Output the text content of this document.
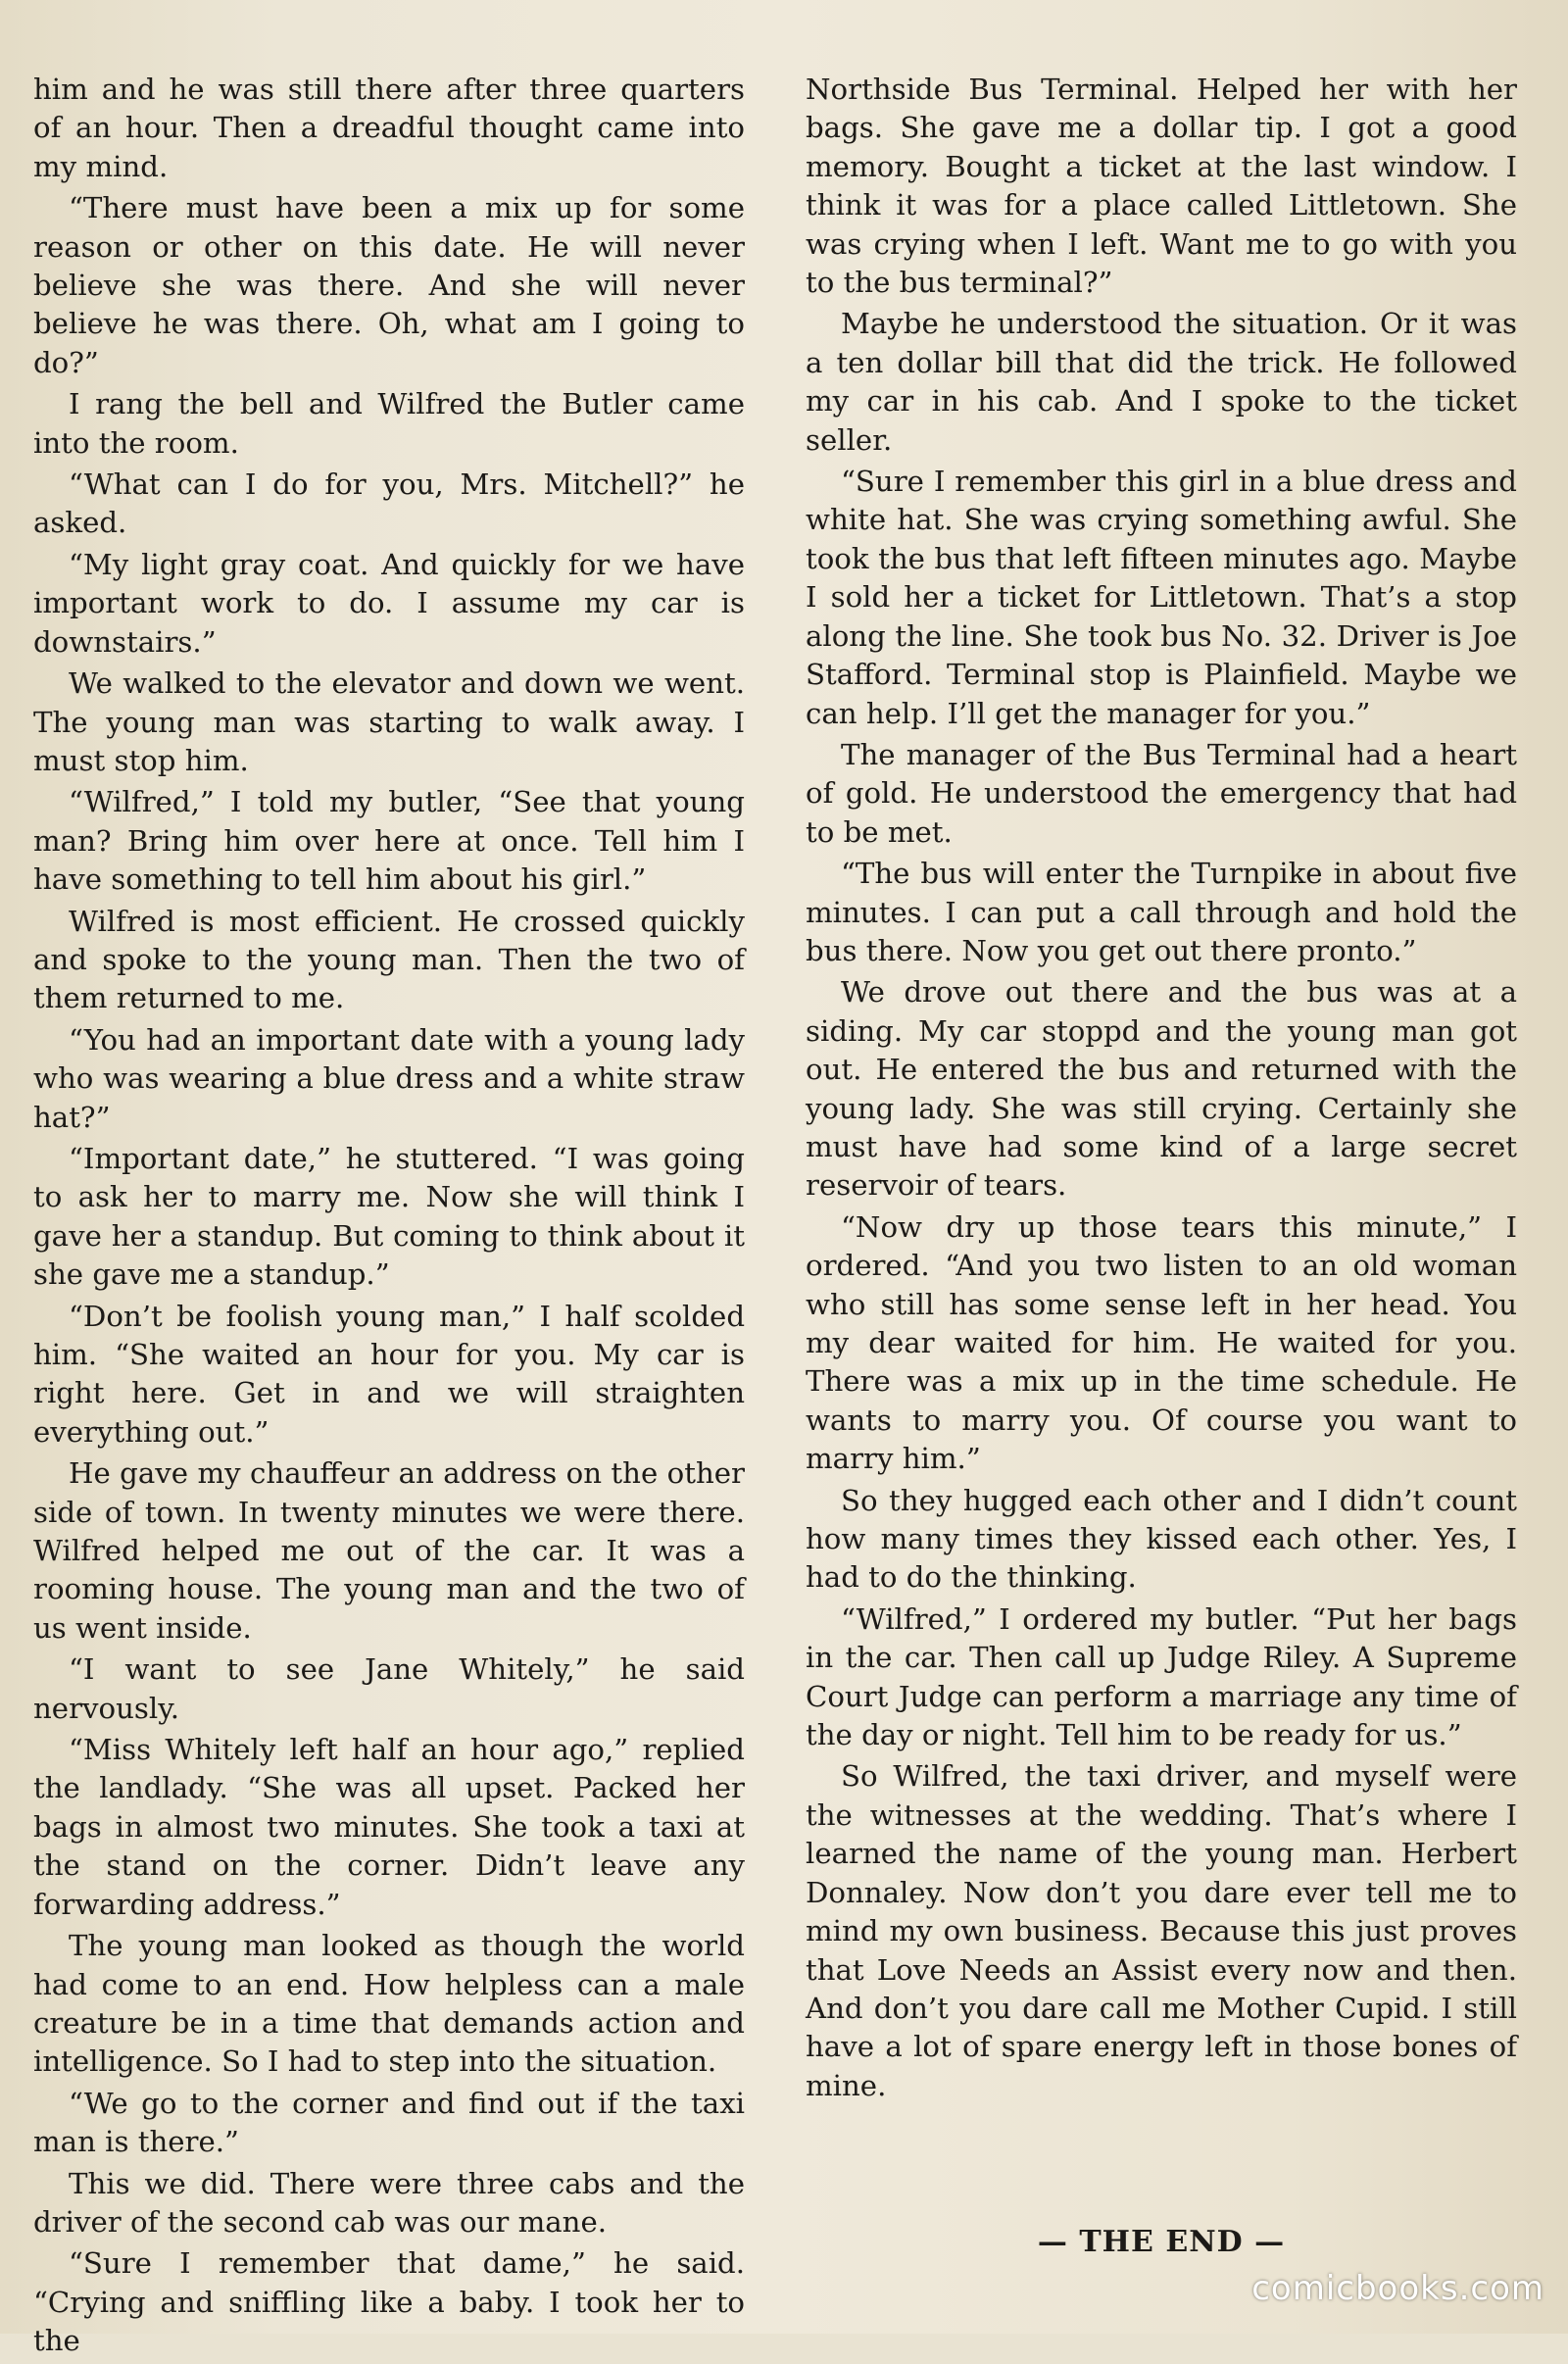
him and he was still there after three quarters of an hour. Then a dreadful thought came into my mind.

“There must have been a mix up for some reason or other on this date. He will never believe she was there. And she will never believe he was there. Oh, what am I going to do?”

I rang the bell and Wilfred the Butler came into the room.

“What can I do for you, Mrs. Mitchell?” he asked.

“My light gray coat. And quickly for we have important work to do. I assume my car is downstairs.”

We walked to the elevator and down we went. The young man was starting to walk away. I must stop him.

“Wilfred,” I told my butler, “See that young man? Bring him over here at once. Tell him I have something to tell him about his girl.”

Wilfred is most efficient. He crossed quickly and spoke to the young man. Then the two of them returned to me.

“You had an important date with a young lady who was wearing a blue dress and a white straw hat?”

“Important date,” he stuttered. “I was going to ask her to marry me. Now she will think I gave her a standup. But coming to think about it she gave me a standup.”

“Don’t be foolish young man,” I half scolded him. “She waited an hour for you. My car is right here. Get in and we will straighten everything out.”

He gave my chauffeur an address on the other side of town. In twenty minutes we were there. Wilfred helped me out of the car. It was a rooming house. The young man and the two of us went inside.

“I want to see Jane Whitely,” he said nervously.

“Miss Whitely left half an hour ago,” replied the landlady. “She was all upset. Packed her bags in almost two minutes. She took a taxi at the stand on the corner. Didn’t leave any forwarding address.”

The young man looked as though the world had come to an end. How helpless can a male creature be in a time that demands action and intelligence. So I had to step into the situation.

“We go to the corner and find out if the taxi man is there.”

This we did. There were three cabs and the driver of the second cab was our mane.

“Sure I remember that dame,” he said. “Crying and sniffling like a baby. I took her to the

Northside Bus Terminal. Helped her with her bags. She gave me a dollar tip. I got a good memory. Bought a ticket at the last window. I think it was for a place called Littletown. She was crying when I left. Want me to go with you to the bus terminal?”

Maybe he understood the situation. Or it was a ten dollar bill that did the trick. He followed my car in his cab. And I spoke to the ticket seller.

“Sure I remember this girl in a blue dress and white hat. She was crying something awful. She took the bus that left fifteen minutes ago. Maybe I sold her a ticket for Littletown. That’s a stop along the line. She took bus No. 32. Driver is Joe Stafford. Terminal stop is Plainfield. Maybe we can help. I’ll get the manager for you.”

The manager of the Bus Terminal had a heart of gold. He understood the emergency that had to be met.

“The bus will enter the Turnpike in about five minutes. I can put a call through and hold the bus there. Now you get out there pronto.”

We drove out there and the bus was at a siding. My car stoppd and the young man got out. He entered the bus and returned with the young lady. She was still crying. Certainly she must have had some kind of a large secret reservoir of tears.

“Now dry up those tears this minute,” I ordered. “And you two listen to an old woman who still has some sense left in her head. You my dear waited for him. He waited for you. There was a mix up in the time schedule. He wants to marry you. Of course you want to marry him.”

So they hugged each other and I didn’t count how many times they kissed each other. Yes, I had to do the thinking.

“Wilfred,” I ordered my butler. “Put her bags in the car. Then call up Judge Riley. A Supreme Court Judge can perform a marriage any time of the day or night. Tell him to be ready for us.”

So Wilfred, the taxi driver, and myself were the witnesses at the wedding. That’s where I learned the name of the young man. Herbert Donnaley. Now don’t you dare ever tell me to mind my own business. Because this just proves that Love Needs an Assist every now and then. And don’t you dare call me Mother Cupid. I still have a lot of spare energy left in those bones of mine.

— THE END —
comicbooks.com
